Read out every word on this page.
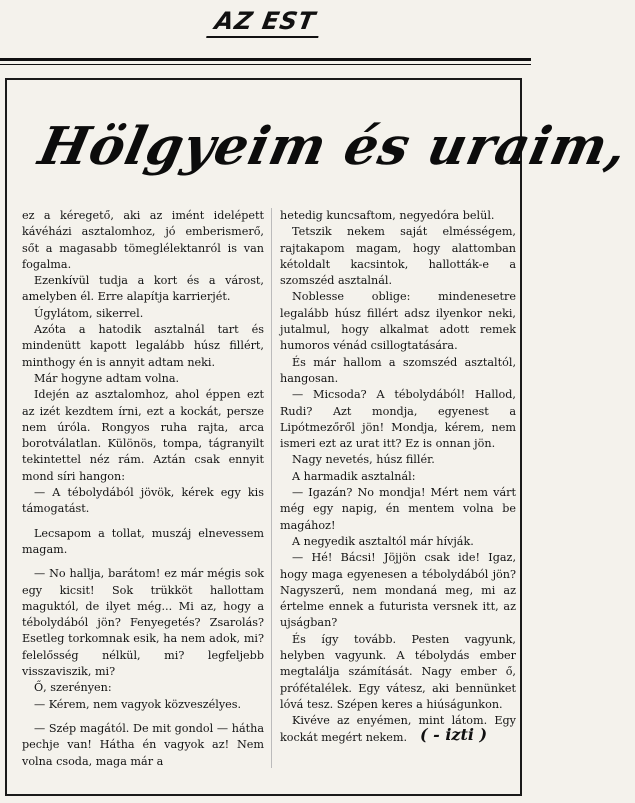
AZ EST
Hölgyeim és uraim,

ez a kéregető, aki az imént idelépett kávéházi asztalomhoz, jó emberismerő, sőt a magasabb tömeglélektanról is van fogalma.

Ezenkívül tudja a kort és a várost, amelyben él. Erre alapítja karrierjét.

Úgylátom, sikerrel.

Azóta a hatodik asztalnál tart és mindenütt kapott legalább húsz fillért, minthogy én is annyit adtam neki.

Már hogyne adtam volna.

Idején az asztalomhoz, ahol éppen ezt az izét kezdtem írni, ezt a kockát, persze nem úróla. Rongyos ruha rajta, arca borotválatlan. Különös, tompa, tágranyilt tekintettel néz rám. Aztán csak ennyit mond síri hangon:

— A tébolydából jövök, kérek egy kis támogatást.

Lecsapom a tollat, muszáj elnevessem magam.

— No hallja, barátom! ez már mégis sok egy kicsit! Sok trükköt hallottam maguktól, de ilyet még... Mi az, hogy a tébolydából jön? Fenyegetés? Zsarolás? Esetleg torkomnak esik, ha nem adok, mi? felelősség nélkül, mi? legfeljebb visszaviszik, mi?

Ő, szerényen:

— Kérem, nem vagyok közveszélyes.

— Szép magától. De mit gondol — hátha pechje van! Hátha én vagyok az! Nem volna csoda, maga már a

hetedig kuncsaftom, negyedóra belül.

Tetszik nekem saját elmésségem, rajtakapom magam, hogy alattomban kétoldalt kacsintok, hallották-e a szomszéd asztalnál.

Noblesse oblige: mindenesetre legalább húsz fillért adsz ilyenkor neki, jutalmul, hogy alkalmat adott remek humoros vénád csillogtatására.

És már hallom a szomszéd asztaltól, hangosan.

— Micsoda? A tébolydából! Hallod, Rudi? Azt mondja, egyenest a Lipótmezőről jön! Mondja, kérem, nem ismeri ezt az urat itt? Ez is onnan jön.

Nagy nevetés, húsz fillér.

A harmadik asztalnál:

— Igazán? No mondja! Mért nem várt még egy napig, én mentem volna be magához!

A negyedik asztaltól már hívják.

— Hé! Bácsi! Jöjjön csak ide! Igaz, hogy maga egyenesen a tébolydából jön? Nagyszerű, nem mondaná meg, mi az értelme ennek a futurista versnek itt, az ujságban?

És így tovább. Pesten vagyunk, helyben vagyunk. A tébolydás ember megtalálja számítását. Nagy ember ő, prófétalélek. Egy vátesz, aki bennünket lóvá tesz. Szépen keres a hiúságunkon.

Kivéve az enyémen, mint látom. Egy kockát megért nekem. ( - izti )
